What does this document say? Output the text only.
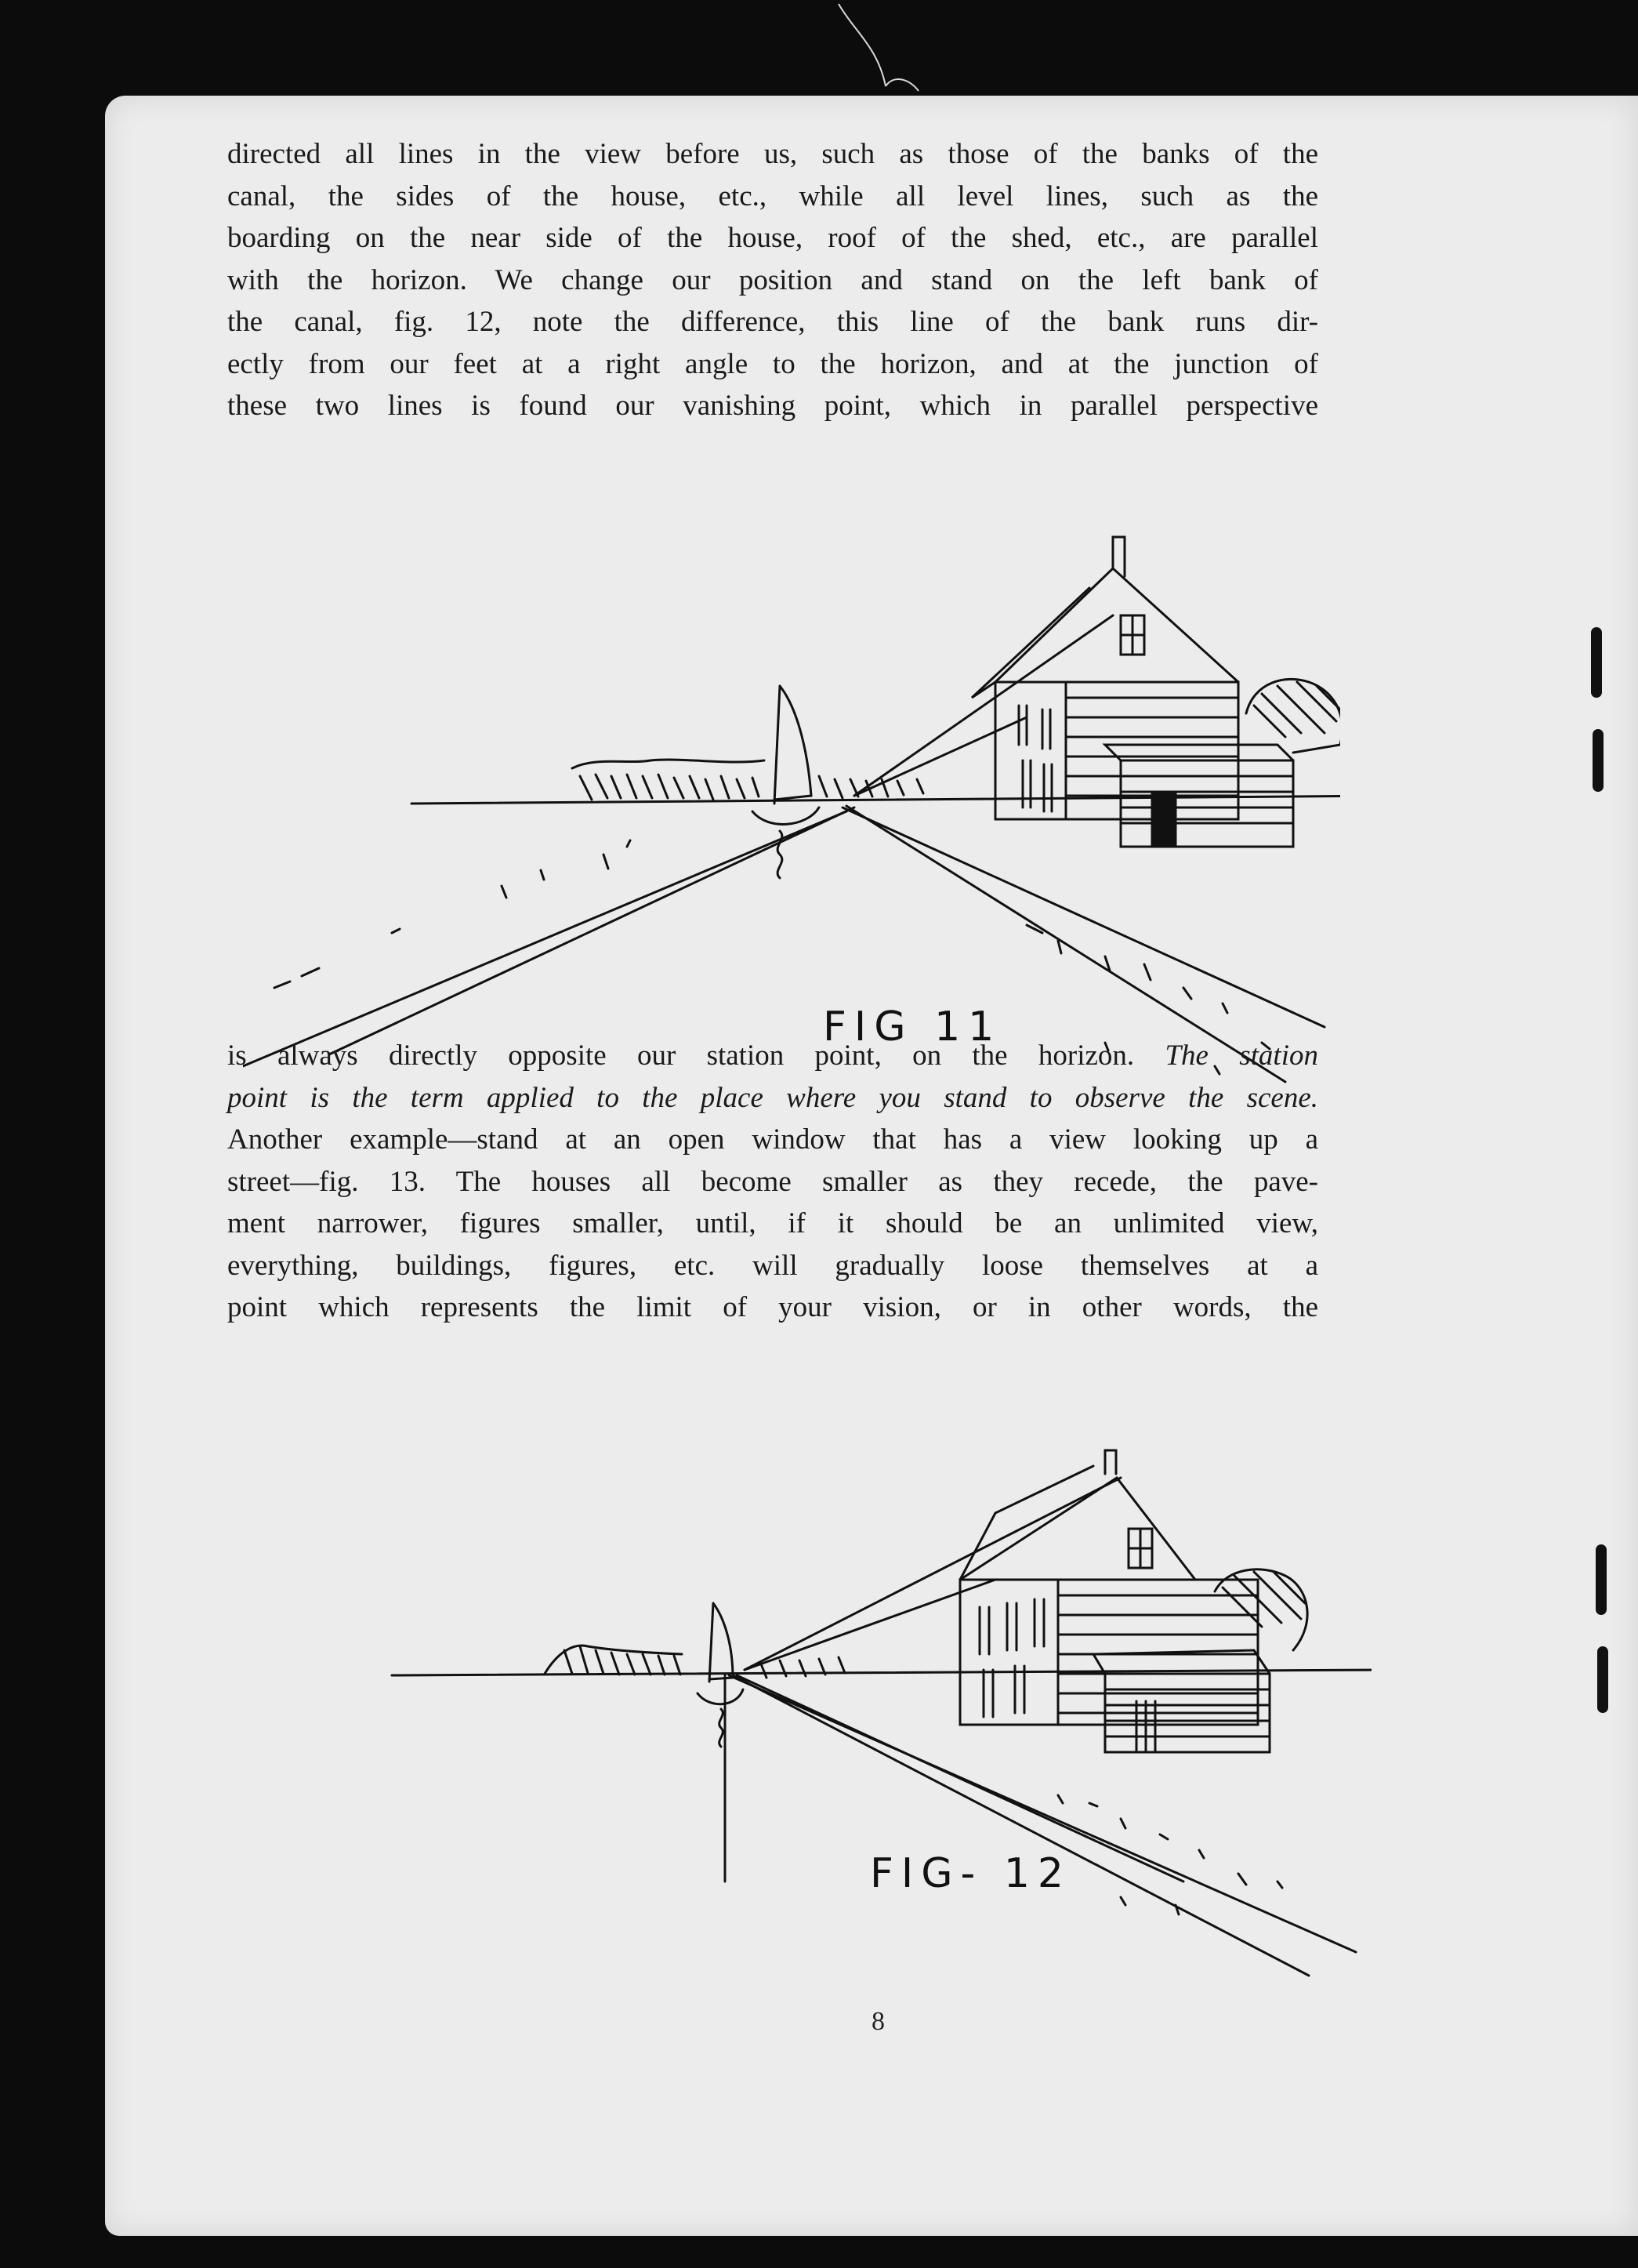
directed all lines in the view before us, such as those of the banks of the
canal, the sides of the house, etc., while all level lines, such as the
boarding on the near side of the house, roof of the shed, etc., are parallel
with the horizon. We change our position and stand on the left bank of
the canal, fig. 12, note the difference, this line of the bank runs dir-
ectly from our feet at a right angle to the horizon, and at the junction of
these two lines is found our vanishing point, which in parallel perspective
FIG 11
is always directly opposite our station point, on the horizon. The station
point is the term applied to the place where you stand to observe the scene.
Another example—stand at an open window that has a view looking up a
street—fig. 13. The houses all become smaller as they recede, the pave-
ment narrower, figures smaller, until, if it should be an unlimited view,
everything, buildings, figures, etc. will gradually loose themselves at a
point which represents the limit of your vision, or in other words, the
FIG- 12
8
